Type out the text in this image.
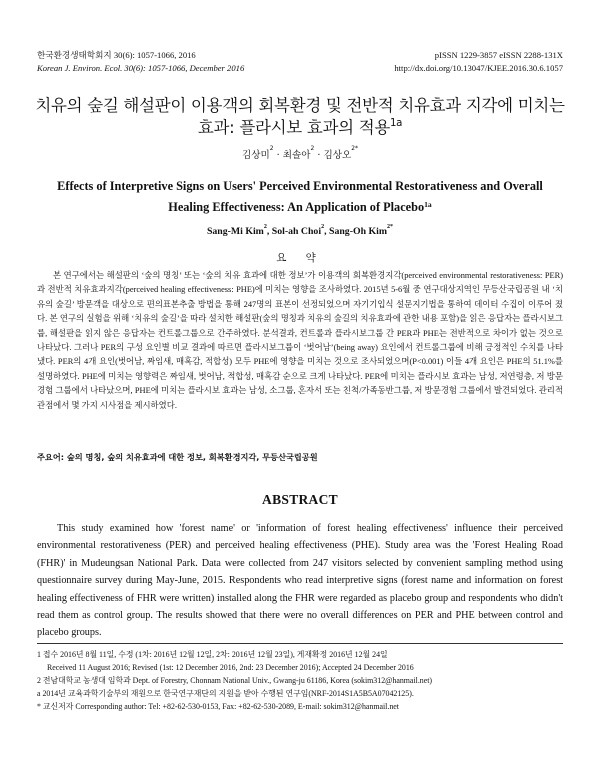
한국환경생태학회지 30(6): 1057-1066, 2016	pISSN 1229-3857 eISSN 2288-131X
Korean J. Environ. Ecol. 30(6): 1057-1066, December 2016	http://dx.doi.org/10.13047/KJEE.2016.30.6.1057
치유의 숲길 해설판이 이용객의 회복환경 및 전반적 치유효과 지각에 미치는
효과: 플라시보 효과의 적용$^{1a}$
김상미$^2$ · 최솔아$^2$ · 김상오$^{2*}$
Effects of Interpretive Signs on Users' Perceived Environmental Restorativeness and Overall
Healing Effectiveness: An Application of Placebo$^{1a}$
Sang-Mi Kim$^2$, Sol-ah Choi$^2$, Sang-Oh Kim$^{2*}$
요 약

본 연구에서는 해설판의 ‘숲의 명칭’ 또는 ‘숲의 치유 효과에 대한 정보’가 이용객의 회복환경지각(perceived environmental restorativeness: PER)과 전반적 치유효과지각(perceived healing effectiveness: PHE)에 미치는 영향을 조사하였다. 2015년 5-6월 중 연구대상지역인 무등산국립공원 내 ‘치유의 숲길’ 방문객을 대상으로 편의표본추출 방법을 통해 247명의 표본이 선정되었으며 자기기입식 설문지기법을 통하여 데이터 수집이 이루어 졌다. 본 연구의 실험을 위해 ‘치유의 숲길’을 따라 설치한 해설판(숲의 명칭과 치유의 숲길의 치유효과에 관한 내용 포함)을 읽은 응답자는 플라시보그룹, 해설판을 읽지 않은 응답자는 컨트롤그룹으로 간주하였다. 분석결과, 컨트롤과 플라시보그룹 간 PER과 PHE는 전반적으로 차이가 없는 것으로 나타났다. 그러나 PER의 구성 요인별 비교 결과에 따르면 플라시보그룹이 ‘벗어남’(being away) 요인에서 컨트롤그룹에 비해 긍정적인 수치를 나타냈다. PER의 4개 요인(벗어남, 짜임새, 매혹감, 적합성) 모두 PHE에 영향을 미치는 것으로 조사되었으며(P<0.001) 이들 4개 요인은 PHE의 51.1%를 설명하였다. PHE에 미치는 영향력은 짜임새, 벗어남, 적합성, 매혹감 순으로 크게 나타났다. PER에 미치는 플라시보 효과는 남성, 저연령층, 저 방문경험 그룹에서 나타났으며, PHE에 미치는 플라시보 효과는 남성, 소그룹, 혼자서 또는 친척/가족동반그룹, 저 방문경험 그룹에서 발견되었다. 관리적 관점에서 몇 가지 시사점을 제시하였다.

주요어: 숲의 명칭, 숲의 치유효과에 대한 정보, 회복환경지각, 무등산국립공원
ABSTRACT

This study examined how 'forest name' or 'information of forest healing effectiveness' influence their perceived environmental restorativeness (PER) and perceived healing effectiveness (PHE). Study area was the 'Forest Healing Road (FHR)' in Mudeungsan National Park. Data were collected from 247 visitors selected by convenient sampling method using questionnaire survey during May-June, 2015. Respondents who read interpretive signs (forest name and information on forest healing effectiveness of FHR were written) installed along the FHR were regarded as placebo group and respondents who didn't read them as control group. The results showed that there were no overall differences on PER and PHE between control and placebo groups.

1 접수 2016년 8월 11일, 수정 (1차: 2016년 12월 12일, 2차: 2016년 12월 23일), 게재확정 2016년 12월 24일
Received 11 August 2016; Revised (1st: 12 December 2016, 2nd: 23 December 2016); Accepted 24 December 2016
2 전남대학교 농생대 임학과 Dept. of Forestry, Chonnam National Univ., Gwang-ju 61186, Korea (sokim312@hanmail.net)
a 2014년 교육과학기술부의 재원으로 한국연구재단의 지원을 받아 수행된 연구임(NRF-2014S1A5B5A07042125).
* 교신저자 Corresponding author: Tel: +82-62-530-0153, Fax: +82-62-530-2089, E-mail: sokim312@hanmail.net
